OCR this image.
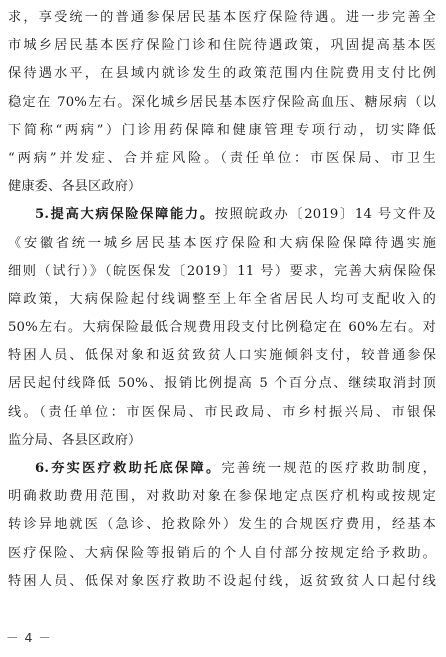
求，享受统一的普通参保居民基本医疗保险待遇。进一步完善全
市城乡居民基本医疗保险门诊和住院待遇政策，巩固提高基本医
保待遇水平，在县域内就诊发生的政策范围内住院费用支付比例
稳定在 70%左右。深化城乡居民基本医疗保险高血压、糖尿病（以
下简称“两病”）门诊用药保障和健康管理专项行动，切实降低
“两病”并发症、合并症风险。（责任单位：市医保局、市卫生
健康委、各县区政府）
5.提高大病保险保障能力。按照皖政办〔2019〕14 号文件及
《安徽省统一城乡居民基本医疗保险和大病保险保障待遇实施
细则（试行）》（皖医保发〔2019〕11 号）要求，完善大病保险保
障政策，大病保险起付线调整至上年全省居民人均可支配收入的
50%左右。大病保险最低合规费用段支付比例稳定在 60%左右。对
特困人员、低保对象和返贫致贫人口实施倾斜支付，较普通参保
居民起付线降低 50%、报销比例提高 5 个百分点、继续取消封顶
线。（责任单位：市医保局、市民政局、市乡村振兴局、市银保
监分局、各县区政府）
6.夯实医疗救助托底保障。完善统一规范的医疗救助制度，
明确救助费用范围，对救助对象在参保地定点医疗机构或按规定
转诊异地就医（急诊、抢救除外）发生的合规医疗费用，经基本
医疗保险、大病保险等报销后的个人自付部分按规定给予救助。
特困人员、低保对象医疗救助不设起付线，返贫致贫人口起付线
－ 4 －
